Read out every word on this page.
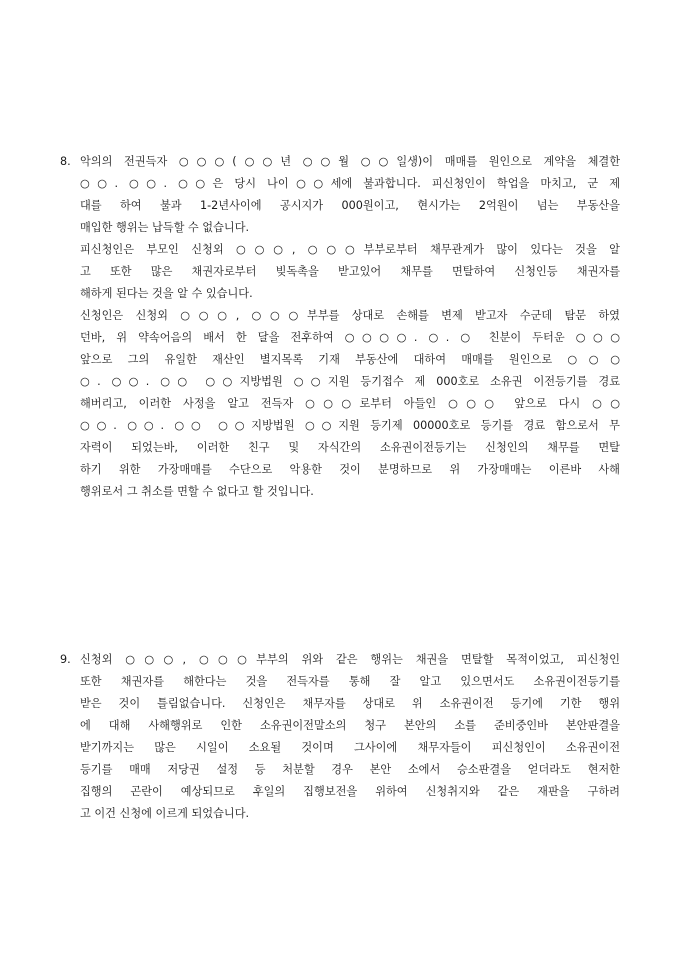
8. 악의의 전권득자 ○○○(○○년 ○○월 ○○일생)이 매매를 원인으로 계약을 체결한
○○. ○○. ○○은 당시 나이○○세에 불과합니다. 피신청인이 학업을 마치고, 군 제
대를 하여 불과 1-2년사이에 공시지가 000원이고, 현시가는 2억원이 넘는 부동산을
매입한 행위는 납득할 수 없습니다.
피신청인은 부모인 신청외 ○○○, ○○○부부로부터 채무관계가 많이 있다는 것을 알
고 또한 많은 채권자로부터 빚독촉을 받고있어 채무를 면탈하여 신청인등 채권자를
해하게 된다는 것을 알 수 있습니다.
신청인은 신청외 ○○○, ○○○부부를 상대로 손해를 변제 받고자 수군데 탐문 하였
던바, 위 약속어음의 배서 한 달을 전후하여 ○○○○. ○. ○ 친분이 두터운 ○○○
앞으로 그의 유일한 재산인 별지목록 기재 부동산에 대하여 매매를 원인으로 ○○○
○. ○○. ○○ ○○지방법원 ○○지원 등기접수 제 000호로 소유권 이전등기를 경료
해버리고, 이러한 사정을 알고 전득자 ○○○로부터 아들인 ○○○ 앞으로 다시 ○○
○○. ○○. ○○ ○○지방법원 ○○지원 등기제 00000호로 등기를 경료 함으로서 무
자력이 되었는바, 이러한 친구 및 자식간의 소유권이전등기는 신청인의 채무를 면탈
하기 위한 가장매매를 수단으로 악용한 것이 분명하므로 위 가장매매는 이른바 사해
행위로서 그 취소를 면할 수 없다고 할 것입니다.
9. 신청외 ○○○, ○○○부부의 위와 같은 행위는 채권을 면탈할 목적이었고, 피신청인
또한 채권자를 해한다는 것을 전득자를 통해 잘 알고 있으면서도 소유권이전등기를
받은 것이 틀림없습니다. 신청인은 채무자를 상대로 위 소유권이전 등기에 기한 행위
에 대해 사해행위로 인한 소유권이전말소의 청구 본안의 소를 준비중인바 본안판결을
받기까지는 많은 시일이 소요될 것이며 그사이에 채무자들이 피신청인이 소유권이전
등기를 매매 저당권 설정 등 처분할 경우 본안 소에서 승소판결을 얻더라도 현저한
집행의 곤란이 예상되므로 후일의 집행보전을 위하여 신청취지와 같은 재판을 구하려
고 이건 신청에 이르게 되었습니다.
